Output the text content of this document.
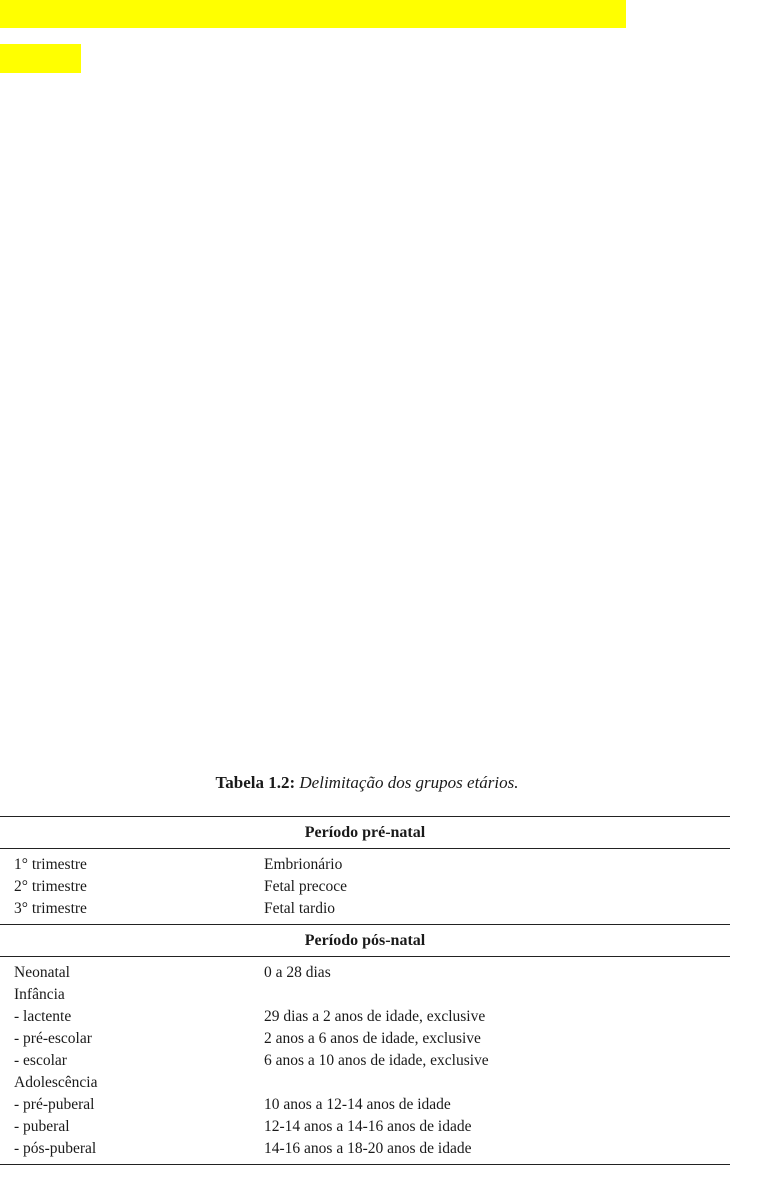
Tabela 1.2: Delimitação dos grupos etários.
Período pré-natal
1° trimestre	Embrionário
2° trimestre	Fetal precoce
3° trimestre	Fetal tardio
Período pós-natal
Neonatal	0 a 28 dias
Infância
- lactente	29 dias a 2 anos de idade, exclusive
- pré-escolar	2 anos a 6 anos de idade, exclusive
- escolar	6 anos a 10 anos de idade, exclusive
Adolescência
- pré-puberal	10 anos a 12-14 anos de idade
- puberal	12-14 anos a 14-16 anos de idade
- pós-puberal	14-16 anos a 18-20 anos de idade
